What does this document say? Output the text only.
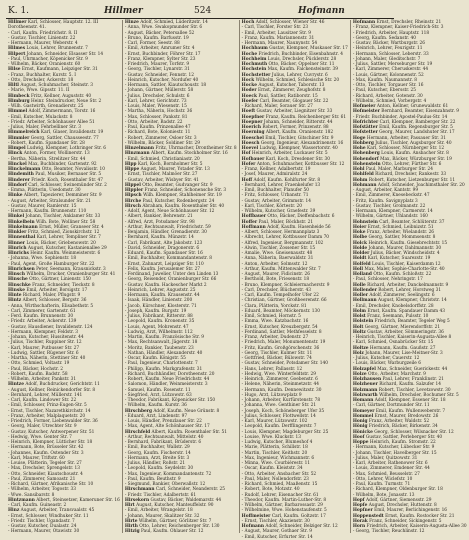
K. 1.	Hillmer	524	Hofmann
Hillmer Karl, Schlosser, Hauptstr. 12. III
Dorotheenstr. 41.
- Carl, Kaufm. Friedrichstr. 8. II
- Gustav, Tischler, Linienstr. 22
- Hermann, Maurer, Weberstr. 4
Hilmes Louis, Lehrer, Brunnenstr. 7
Hilpert Johann, Schneider, Elsasser Str. 14
- Paul, Uhrmacher, Köpenicker Str. 9
- Wilhelm, Bäcker, Oranienstr. 60
Hilse Ernst, Kaufmann, Leipziger Str. 31
- Franz, Buchhalter, Kurstr. 5. I
- Otto, Drechsler, Ackerstr. 18
Hiltl August, Schuhmacher, Steinstr. 3
- Marie, Wwe. Gipsstr. 11. II
Himbeck Fritz, Kellner, Auguststr. 40
Himburg Heinr. Steindrucker, Neue Str. 2
- Wilh. Gastwirth, Grenadierstr. 25
Himmel Adolf, Zimmermann, Torstr. 16
- Emil, Kutscher, Mulackstr. 8
- Friedr. Arbeiter, Schönhauser Allee 51
- Julius, Maler, Fehrbelliner Str. 3
Himmelreich Karl, Glaser, Invalidenstr. 19
Himmler Georg, Sattler, Chausseestr. 77
- Robert, Kaufm. Spandauer Str. 28
Himpel Ludwig, Klempner, Lothringer Str. 6
Hinck Anton, Former, Wollinerstr. 13
- Bertha, Näherin, Strelitzer Str. 44
Hinckel Max, Buchbinder, Gartenstr. 92
Hinckelmann Otto, Beamter, Novalisstr. 10
Hindemith Paul, Musiker, Bernauer Str. 5
Hinderer Friedr. Koch, Rosenthaler Str. 47
Hindorf Carl, Schlosser, Swinemünder Str. 2
- Emma, Plätterin, Usedomstr. 30
Hinke Albert, Tapezierer, Demminer Str. 9
- August, Arbeiter, Stralsunder Str. 21
- Gustav, Maurer, Ramlerstr. 15
- Hermann, Kaufm. Brunnenstr. 110
Hinkel Johann, Tischler, Anklamer Str. 33
Hinkelbein Wilh. Bote, Wolliner Str. 58
Hinkelmann Ernst, Müller, Granseer Str. 4
Hinkler Fritz, Schmied, Zionskirchstr. 12
Hinnenthal Karl, Lehrer, Templiner Str. 7
Hinner Louis, Bäcker, Griebenowstr. 20
Hinrich August, Kutscher, Kastanienallee 29
Hinrichs Heinr. Kaufm. Weinmeisterstr. 6
- Johanna, Wwe. Sophienstr. 18
- Paul, Agent, Große Hamburger Str. 22
Hinrichsen Peter, Seemann, Krausnickstr. 3
Hinsch Wilhelm, Drucker, Oranienburger Str. 41
Hinsche Otto, Gärtner, Linienstr. 150
Hinschke Franz, Schneider, Tieckstr. 8
Hinske Emil, Arbeiter, Borsigstr. 17
Hinte Richard, Maler, Pflugstr. 9
Hintz Albert, Schlosser, Bergstr. 36
- Anna, Wirthschafterin, Elisabethstr. 5
- Carl, Zimmerer, Gartenstr. 61
- Ferd. Kaufm. Brunnenstr. 30
- Friedr. Arbeiter, Ackerstr. 139
- Gustav, Hausdiener, Invalidenstr. 124
- Hermann, Klempner, Feldstr. 3
- Johann, Kutscher, Hussitenstr. 44
- Julius, Tischler, Ruppiner Str. 12
- Karl, Maurer, Putbusser Str. 27
- Ludwig, Sattler, Rügener Str. 6
- Martha, Näherin, Stettiner Str. 40
- Otto, Schmied, Voltastr. 19
- Paul, Bäcker, Hochstr. 2
- Robert, Kaufm. Badstr. 58
- Wilhelm, Arbeiter, Pankstr. 31
Hintze Adolf, Buchdrucker, Gerichtstr. 11
- August, Kellner, Reinickendorfer Str. 8
- Bernhard, Lehrer, Müllerstr. 141
- Carl, Kaufm. Lindower Str. 22
- Emil, Schlosser, Prinz-Eugen-Str. 5
- Ernst, Tischler, Nazarethkirchstr. 14
- Franz, Arbeiter, Malplaquetstr. 20
- Friedrich, Former, Liebenwalder Str. 36
- Georg, Maler, Utrechter Str. 9
- Gustav, Kutscher, Antwerpener Str. 51
- Hedwig, Wwe. Genter Str. 7
- Heinrich, Klempner, Lütticher Str. 18
- Hermann, Bote, Brüsseler Str. 42
- Johannes, Kaufm. Ostender Str. 3
- Karl, Maurer, Triftstr. 60
- Louise, Plätterin, Tegeler Str. 27
- Max, Drechsler, Sprengelstr. 13
- Otto, Schneider, Kiautschoustr. 4
- Paul, Zimmerer, Samoastr. 21
- Richard, Gärtner, Afrikanische Str. 10
- Wilhelm, Arbeiter, Togostr. 33
- Wwe. Sansibarstr. 8
Hintzmann Albert, Steinsetzer, Kameruner Str. 16
- Carl, Kaufm. Guineastr. 2
Hinz August, Arbeiter, Transvaalstr. 45
- Ernst, Schlosser, Windhuker Str. 11
- Friedr. Tischler, Ugandastr. 7
- Gustav, Kutscher, Dualastr. 24
- Hermann, Maurer, Otawistr. 30
Hinze Adolf, Schmied, Lüderitzstr. 14
- Anna, Wwe. Swakopmunder Str. 6
- August, Bäcker, Petersallee 52
- Bruno, Kaufm. Barfusstr. 19
- Carl, Former, Seestr. 88
- Emil, Arbeiter, Amrumer Str. 4
- Ernst, Buchbinder, Föhrer Str. 17
- Franz, Klempner, Sylter Str. 23
- Friedrich, Maurer, Torfstr. 9
- Georg, Tischler, Lynarstr. 31
- Gustav, Schneider, Fennstr. 12
- Heinrich, Kutscher, Nordufer 40
- Hermann, Sattler, Kiautschoustr. 18
- Johann, Gärtner, Müllerstr. 58
- Julius, Drechsler, Schulstr. 6
- Karl, Lehrer, Gerichtstr. 73
- Louis, Maler, Wiesenstr. 15
- Martha, Näherin, Hochstr. 36
- Max, Schlosser, Pankstr. 81
- Otto, Arbeiter, Badstr. 22
- Paul, Kaufm. Prinzenallee 47
- Richard, Bote, Koloniestr. 11
- Robert, Zimmerer, Osloer Str. 3
- Wilhelm, Bäcker, Soldiner Str. 29
Hinzelmann Fritz, Uhrmacher, Drontheimer Str. 8
Hinzmann Albert, Kaufm. Stockholmer Str. 16
- Emil, Schmied, Christianiastr. 20
Hipp Karl, Koch, Bornholmer Str. 5
Hippe August, Maurer, Ystader Str. 13
- Ernst, Tischler, Malmöer Str. 27
- Gustav, Arbeiter, Wisbyer Str. 41
Hippel Otto, Beamter, Gudvanger Str. 9
Hippler Franz, Schneider, Schonensche Str. 3
Hipsch Wilh. Klempner, Stahlheimer Str. 19
Hirche Paul, Kutscher, Rodenbergstr. 24
Hirsch Abraham, Kaufm. Rosenthaler Str. 40
- Adolf, Agent, Neue Schönhauser Str. 12
- Albert, Bankier, Behrenstr. 21
- Alfred, Arzt, Potsdamer Str. 98
- Arthur, Rechtsanwalt, Friedrichstr. 59
- Benjamin, Händler, Grenadierstr. 30
- Bernhard, Kaufm. Münzstr. 14
- Carl, Fabrikant, Alte Jakobstr. 123
- David, Schneider, Dragonerstr. 6
- Eduard, Kaufm. Spandauer Str. 16
- Emil, Buchhalter, Kommandantenstr. 8
- Ernst, Zahnarzt, Leipziger Str. 110
- Felix, Kaufm. Jerusalemer Str. 27
- Ferdinand, Juwelier, Unter den Linden 13
- Georg, Reisender, Oranienburger Str. 66
- Gustav, Kaufm. Hackescher Markt 2
- Heinrich, Lehrer, Auguststr. 25
- Hermann, Kaufm. Krausenstr. 44
- Isaak, Händler, Linienstr. 200
- Jacob, Kürschner, Klosterstr. 71
- Joseph, Kaufm. Burgstr. 19
- Julius, Fabrikant, Ritterstr. 88
- Leopold, Kaufm. Kronenstr. 35
- Louis, Agent, Mohrenstr. 47
- Ludwig, Arzt, Wilhelmstr. 112
- Martin, Kaufm. Französische Str. 9
- Max, Rechtsanwalt, Jägerstr. 18
- Moritz, Bankier, Taubenstr. 23
- Nathan, Händler, Alexanderstr. 40
- Oscar, Kaufm. Königstr. 55
- Paul, Ingenieur, Charlottenstr. 7
- Philipp, Kaufm. Markgrafenstr. 31
- Richard, Buchhändler, Dorotheenstr. 20
- Robert, Kaufm. Neue Friedrichstr. 44
- Salomon, Händler, Weinmeisterstr. 3
- Samuel, Kaufm. Rosenstr. 11
- Siegfried, Arzt, Lützowstr. 63
- Theodor, Fabrikant, Köpenicker Str. 150
- Wilhelm, Kaufm. Kurstr. 36
Hirschberg Adolf, Kaufm. Neue Grünstr. 8
- Eduard, Arzt, Lindenstr. 97
- Louis, Händler, Prenzlauer Str. 22
- Max, Agent, Alte Schönhauser Str. 17
Hirschfeld Albert, Kaufm. Rosenthaler Str. 51
- Arthur, Rechtsanwalt, Mittelstr. 40
- Bernhard, Fabrikant, Brüderstr. 6
- Emil, Buchhalter, Wallstr. 29
- Georg, Kaufm. Fischerstr. 14
- Hermann, Arzt, Breite Str. 3
- Julius, Händler, Roßstr. 21
- Leopold, Kaufm. Seydelstr. 30
- Max, Ingenieur, Kommandantenstr. 72
- Paul, Kaufm. Beuthstr. 9
- Siegmund, Bankier, Oberwallstr. 12
Hirschmann Carl, Schneider, Neanderstr. 25
- Friedr. Tischler, Adalbertstr. 61
Hirsekorn Gustav, Bäcker, Waldemarstr. 44
Hirt August, Kutscher, Manteuffelstr. 90
- Emil, Arbeiter, Wrangelstr. 18
- Johann, Maurer, Skalitzer Str. 32
Hirte Wilhelm, Gärtner, Görlitzer Str. 7
Hirth Otto, Lehrer, Reichenberger Str. 130
Hitzig Paul, Kaufm. Ohlauer Str. 12
Hoch Adolf, Schlosser, Wiener Str. 46
- Carl, Tischler, Forster Str. 23
- Emil, Arbeiter, Lausitzer Str. 9
- Franz, Kaufm. Mariannenstr. 31
- Hermann, Maurer, Naunynstr. 54
Hochbaum Gustav, Klempner, Muskauer Str. 17
Hoche Friedrich, Buchbinder, Eisenbahnstr. 4
Hochheim Louis, Drechsler, Pücklerstr. 28
Hochmuth Otto, Bäcker, Oppelner Str. 11
Hochstein Max, Kaufm. Falckensteinstr. 39
Hochstetter Julius, Lehrer, Cuvrystr. 6
Hock Wilhelm, Schmied, Schlesische Str. 20
Hocke August, Kutscher, Taborstr. 13
Hoder Ernst, Zimmerer, Zeughofstr. 8
Hoeck Paul, Sattler, Ratiborstr. 15
Hoefer Carl, Beamter, Glogauer Str. 22
- Richard, Maler, Sorauer Str. 27
Hoeft Gustav, Arbeiter, Liegnitzer Str. 33
Hoepfner Franz, Kaufm. Reichenberger Str. 61
Hoepner Johann, Schneider, Ritterstr. 44
Hoerich Robert, Former, Prinzenstr. 88
Hoerning Albert, Kaufm. Oranienstr. 182
Hoeschel Emil, Tischler, Gitschiner Str. 9
Hoesch Georg, Ingenieur, Alexandrinenstr. 16
Hoevel Ludwig, Klempner, Wassertorstr. 40
Hof Heinrich, Arbeiter, Luckauer Str. 5
Hofbauer Karl, Koch, Dresdener Str. 30
Hofer Anton, Schuhmacher, Kottbusser Str. 12
- Franz, Kellner, Adalbertstr. 19
- Josef, Maurer, Admiralstr. 24
Hoff Adolf, Kaufm. Kohlfurter Str. 8
- Bernhard, Lehrer, Fraenkelufer 13
- Emil, Buchhalter, Planufer 50
- Fritz, Schlosser, Urbanstr. 71
- Gustav, Arbeiter, Grimmstr. 14
- Karl, Tischler, Körtestr. 20
- Wilhelm, Kutscher, Graefestr. 39
Hoffbauer Otto, Bäcker, Dieffenbachstr. 6
Hoffer Paul, Maler, Böckhstr. 21
Hoffmann Adolf, Kaufm. Hasenheide 56
- Albert, Schlosser, Hermannplatz 3
- Albrecht, Lehrer, Kottbusser Damm 70
- Alfred, Ingenieur, Bergmannstr. 102
- Alwin, Tischler, Zossener Str. 15
- Amalie, Wwe. Gneisenaustr. 48
- Anna, Näherin, Baerwaldstr. 31
- Anton, Arbeiter, Solmsstr. 12
- Arthur, Kaufm. Mittenwalder Str. 7
- August, Maurer, Fidicinstr. 26
- Berthold, Bote, Friesenstr. 18
- Bruno, Klempner, Schleiermacherstr. 9
- Carl, Drechsler, Blücherstr. 43
- Carl, Kaufm. Tempelhofer Ufer 22
- Christian, Gärtner, Großbeerenstr. 66
- Clara, Plätterin, Yorckstr. 81
- Eduard, Beamter, Möckernstr. 130
- Emil, Schmied, Hornstr. 5
- Emma, Wwe. Katzbachstr. 16
- Ernst, Kutscher, Kreuzbergstr. 54
- Ferdinand, Sattler, Methfesselstr. 8
- Franz, Arbeiter, Dudenstr. 27
- Friedrich, Maler, Monumentenstr. 19
- Fritz, Kaufm. Großgörschenstr. 36
- Georg, Tischler, Kulmer Str. 11
- Gottfried, Bäcker, Bülowstr. 74
- Gustav, Schneider, Potsdamer Str. 140
- Hans, Lehrer, Pallasstr. 12
- Hedwig, Wwe. Winterfeldtstr. 29
- Heinrich, Zimmerer, Goebenstr. 6
- Helene, Näherin, Steinmetzstr. 44
- Hermann, Kaufm. Dennewitzstr. 30
- Hugo, Arzt, Lützowplatz 9
- Johann, Arbeiter, Kurfürstenstr. 78
- Johanna, Wwe. Genthiner Str. 21
- Joseph, Koch, Schöneberger Ufer 35
- Julius, Schlosser, Flottwellstr. 14
- Karl, Maurer, Lützowstr. 102
- Leopold, Kaufm. Derfflingerstr. 7
- Louis, Klempner, Magdeburger Str. 25
- Louise, Wwe. Kluckstr. 13
- Ludwig, Kutscher, Blumeshof 4
- Marie, Plätterin, Schillstr. 18
- Martin, Tischler, Keithstr. 20
- Max, Ingenieur, Wichmannstr. 6
- Minna, Wwe. Courbièrestr. 11
- Oscar, Kaufm. Kleiststr. 34
- Otto, Arbeiter, Ansbacher Str. 52
- Paul, Maler, Nollendorfstr. 23
- Richard, Schmied, Maaßenstr. 15
- Robert, Bote, Motzstr. 40
- Rudolf, Lehrer, Eisenacher Str. 61
- Theodor, Kaufm. Martin-Luther-Str. 8
- Wilhelm, Gärtner, Barbarossastr. 29
- Wilhelmine, Wwe. Hohenstaufenstr. 5
Hoffmeister Carl, Kaufm. Goltzstr. 17
- Ernst, Tischler, Akazienstr. 30
Hofmann Adolf, Schneider, Belziger Str. 12
- August, Maurer, Gothaer Str. 9
- Emil, Kutscher, Erfurter Str. 14
Hofmann Ernst, Drechsler, Rheinstr. 21
- Franz, Klempner, Kaiser-Friedrich-Str. 3
- Friedrich, Arbeiter, Hauptstr. 118
- Georg, Kaufm. Sedanstr. 40
- Gustav, Bäcker, Wartburgstr. 26
- Heinrich, Lehrer, Feurigstr. 11
- Hermann, Schlosser, Leberstr. 33
- Johann, Maler, Gleditschstr. 7
- Julius, Sattler, Merseburger Str. 19
- Karl, Zimmerer, Cheruskerstr. 44
- Louis, Gärtner, Kolonnenstr. 52
- Max, Kaufm. Naumannstr. 8
- Otto, Tischler, Torgauer Str. 16
- Paul, Kutscher, Ebersstr. 25
- Richard, Arbeiter, Gotenstr. 30
- Wilhelm, Schmied, Vorbergstr. 4
Hofmeier Anton, Kellner, Grunewaldstr. 61
Hofmeister Bernhard, Beamter, Eisenzahnstr. 9
- Friedr. Buchbinder, Apostel-Paulus-Str. 14
Hofrichter Carl, Klempner, Bamberger Str. 22
Hofstätter Emil, Kaufm. Regensburger Str. 5
Hofstetter Georg, Maurer, Landshuter Str. 17
Hoge Hermann, Arbeiter, Passauer Str. 31
Hohberg Julius, Tischler, Augsburger Str. 40
Hohe Karl, Schlosser, Nürnberger Str. 12
Hohenberg Louis, Kaufm. Ansbacher Str. 8
Hohendorf Max, Bäcker, Würzburger Str. 19
Hohenstein Otto, Lehrer, Fürther Str. 6
Hohl Paul, Maler, Marburger Str. 24
Hohlfeld Richard, Drechsler, Rankestr. 33
Hohm Robert, Kutscher, Lietzenburger Str. 11
Hohmann Adolf, Schneider, Joachimsthaler Str. 20
- August, Arbeiter, Kantstr. 99
- Emil, Zimmerer, Knesebeckstr. 47
- Fritz, Kaufm. Savignyplatz 3
- Gustav, Tischler, Grolmanstr. 22
- Hermann, Klempner, Carmerstr. 14
- Wilhelm, Gärtner, Uhlandstr. 160
Hohnstein Carl, Beamter, Schlüterstr. 37
Hoier Ernst, Schmied, Leibnizstr. 51
Hoke Franz, Arbeiter, Wielandstr. 26
Holbe Georg, Sattler, Mommsenstr. 8
Holck Heinrich, Kaufm. Giesebrechtstr. 15
Holde Johann, Maurer, Dahlmannstr. 30
Holder Julius, Bäcker, Windscheidstr. 4
Holdt Karl, Kutscher, Suarezstr. 19
Holfeld Louis, Tischler, Kaiserdamm 12
Holl Max, Maler, Sophie-Charlotte-Str. 40
Holland Otto, Kaufm. Schloßstr. 22
- Paul, Schlosser, Nehringstr. 17
Holle Richard, Arbeiter, Danckelmannstr. 9
Hollender Robert, Lehrer, Horstweg 31
Holler Adolf, Zimmerer, Seelingstr. 6
Hollmann August, Klempner, Christstr. 14
- Emil, Drechsler, Knobelsdorffstr. 28
Holm Ernst, Kaufm. Spandauer Damm 43
Holst Franz, Seemann, Pulsstr. 10
Holstein Friedrich, Beamter, Tegeler Weg 5
Holt Georg, Gärtner, Mierendorffstr. 21
Holtz Gustav, Arbeiter, Sömmeringstr. 36
- Heinrich, Tischler, Kaiserin-Augusta-Allee 8
- Karl, Schmied, Osnabrücker Str. 15
Holtze Hermann, Kaufm. Gaußstr. 27
Holz Johann, Maurer, Lise-Meitner-Str. 3
- Julius, Kutscher, Cauerstr. 12
- Louis, Bäcker, Warburgzeile 6
Holzapfel Max, Schneider, Guerickestr. 44
Holze Otto, Arbeiter, Marchstr. 9
Holzhausen Paul, Lehrer, Franklinstr. 21
Holzheuer Richard, Kaufm. Salzufer 14
Holzmann Robert, Tischler, Levetzowstr. 30
Holzwarth Wilhelm, Drechsler, Bochumer Str. 5
Homann Adolf, Klempner, Essener Str. 18
- Carl, Gärtner, Dortmunder Str. 11
Homeyer Emil, Kaufm. Wullenweberstr. 7
Hommel Ernst, Maurer, Bredowstr. 26
Honig Franz, Arbeiter, Waldstr. 52
Hönig Friedrich, Bäcker, Birkenstr. 34
Hönicke Georg, Schlosser, Wilsnacker Str. 12
Hoof Gustav, Sattler, Perleberger Str. 40
Hoppe Heinrich, Kaufm. Stromstr. 22
- Hermann, Kutscher, Lübecker Str. 9
- Johann, Tischler, Havelberger Str. 15
- Julius, Maler, Quitzowstr. 31
- Karl, Arbeiter, Rathenower Str. 6
- Louis, Zimmerer, Emdener Str. 44
- Max, Schmied, Beusselstr. 27
- Otto, Lehrer, Wiclefstr. 10
- Paul, Kaufm. Turmstr. 71
- Richard, Klempner, Oldenburger Str. 18
- Wilhelm, Bote, Jonasstr. 13
Hopf Adolf, Gärtner, Siemensstr. 29
Hopfe August, Drechsler, Huttenstr. 8
Hopfner Emil, Maurer, Berlichingenstr. 16
Hoppenstedt Ernst, Kaufm. Rostocker Str. 21
Horak Franz, Schneider, Sickingenstr. 5
Horn Friedrich, Arbeiter, Kaiserin-Augusta-Allee 30
- Georg, Tischler, Reuchlinstr. 12
